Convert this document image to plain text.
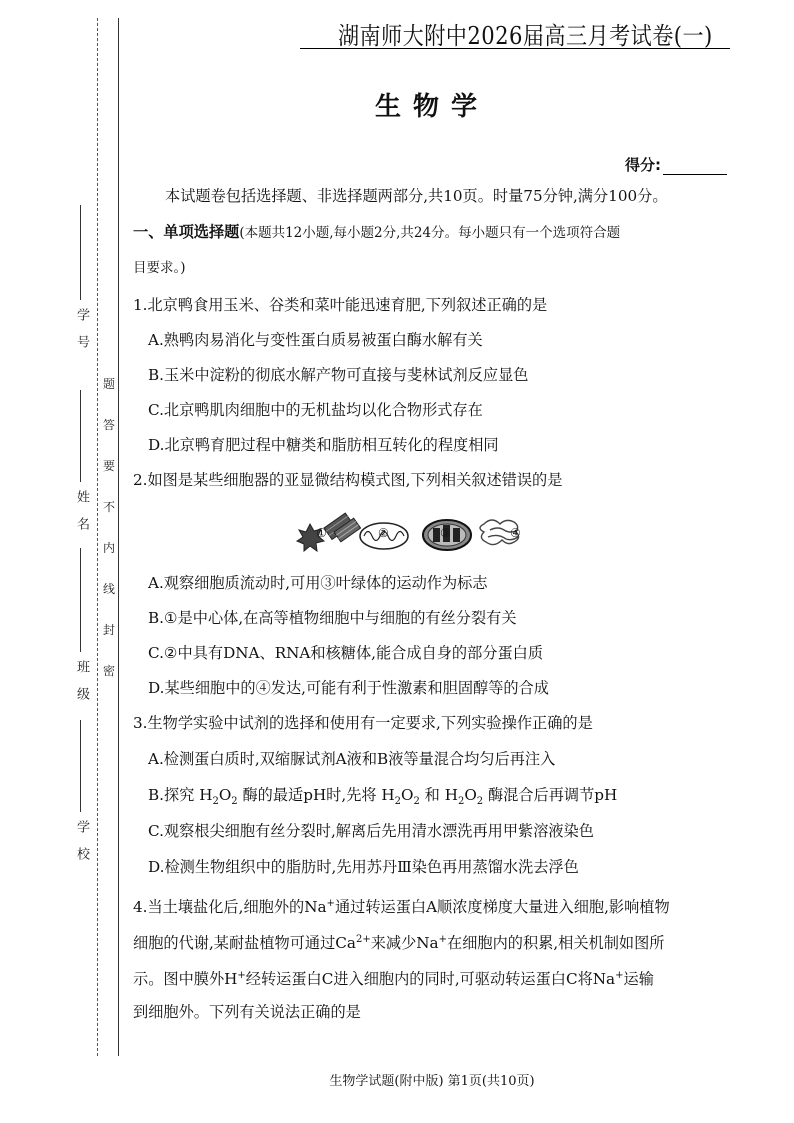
学号
姓名
班级
学校
题
答
要
不
内
线
封
密
湖南师大附中2026届高三月考试卷(一)
生物学
得分:
本试题卷包括选择题、非选择题两部分,共10页。时量75分钟,满分100分。
一、单项选择题(本题共12小题,每小题2分,共24分。每小题只有一个选项符合题
目要求。)
1.北京鸭食用玉米、谷类和菜叶能迅速育肥,下列叙述正确的是
A.熟鸭肉易消化与变性蛋白质易被蛋白酶水解有关
B.玉米中淀粉的彻底水解产物可直接与斐林试剂反应显色
C.北京鸭肌肉细胞中的无机盐均以化合物形式存在
D.北京鸭育肥过程中糖类和脂肪相互转化的程度相同
2.如图是某些细胞器的亚显微结构模式图,下列相关叙述错误的是
①	②	③	④
A.观察细胞质流动时,可用③叶绿体的运动作为标志
B.①是中心体,在高等植物细胞中与细胞的有丝分裂有关
C.②中具有DNA、RNA和核糖体,能合成自身的部分蛋白质
D.某些细胞中的④发达,可能有利于性激素和胆固醇等的合成
3.生物学实验中试剂的选择和使用有一定要求,下列实验操作正确的是
A.检测蛋白质时,双缩脲试剂A液和B液等量混合均匀后再注入
B.探究 $H_2O_2$ 酶的最适pH时,先将 $H_2O_2$ 和 $H_2O_2$ 酶混合后再调节pH
C.观察根尖细胞有丝分裂时,解离后先用清水漂洗再用甲紫溶液染色
D.检测生物组织中的脂肪时,先用苏丹Ⅲ染色再用蒸馏水洗去浮色
4.当土壤盐化后,细胞外的Na+通过转运蛋白A顺浓度梯度大量进入细胞,影响植物
细胞的代谢,某耐盐植物可通过$Ca^{2+}$来减少Na+在细胞内的积累,相关机制如图所
示。图中膜外H+经转运蛋白C进入细胞内的同时,可驱动转运蛋白C将Na+运输
到细胞外。下列有关说法正确的是
生物学试题(附中版) 第1页(共10页)
